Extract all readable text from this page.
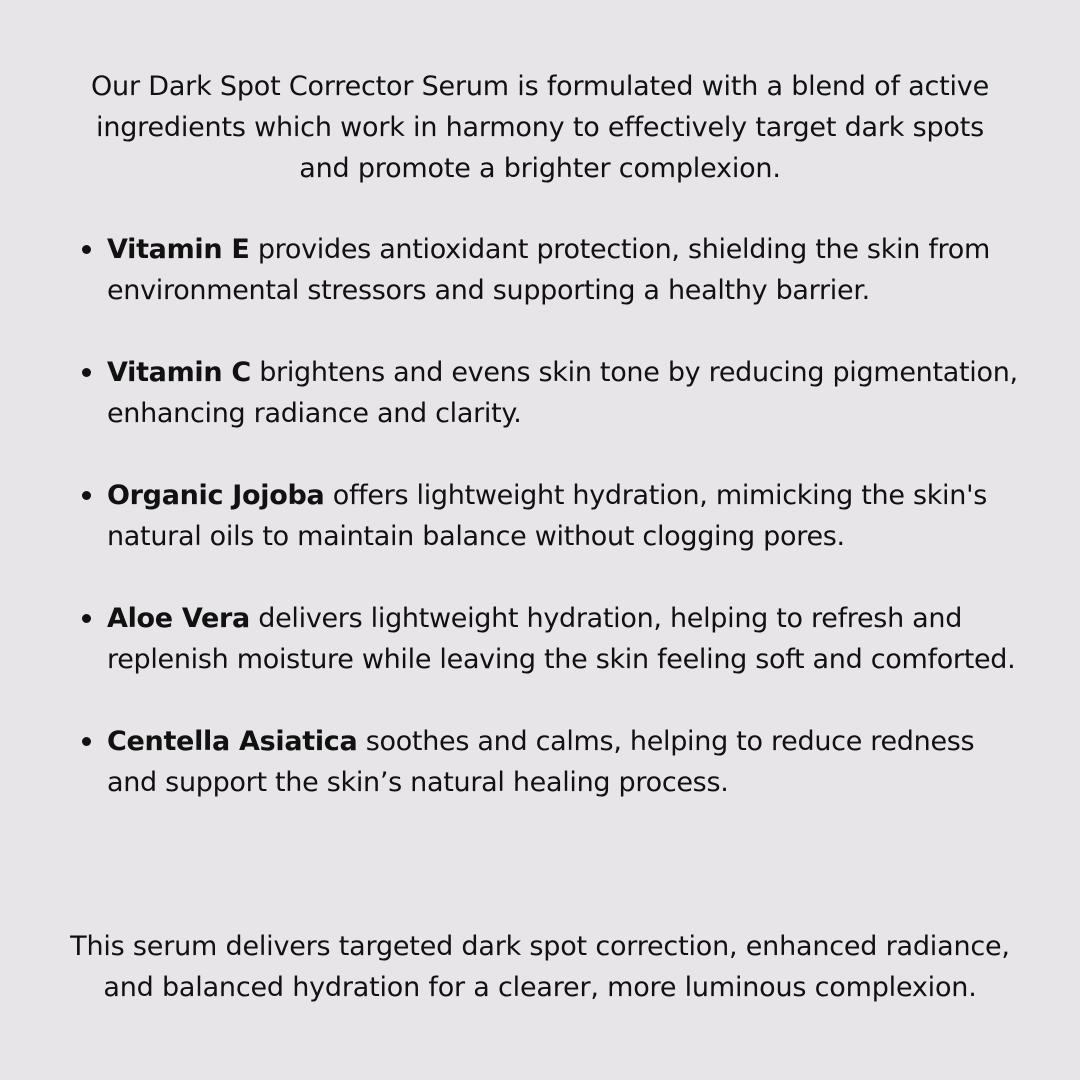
Our Dark Spot Corrector Serum is formulated with a blend of active ingredients which work in harmony to effectively target dark spots and promote a brighter complexion.

Vitamin E provides antioxidant protection, shielding the skin from environmental stressors and supporting a healthy barrier.
Vitamin C brightens and evens skin tone by reducing pigmentation, enhancing radiance and clarity.
Organic Jojoba offers lightweight hydration, mimicking the skin's natural oils to maintain balance without clogging pores.
Aloe Vera delivers lightweight hydration, helping to refresh and replenish moisture while leaving the skin feeling soft and comforted.
Centella Asiatica soothes and calms, helping to reduce redness and support the skin’s natural healing process.

This serum delivers targeted dark spot correction, enhanced radiance, and balanced hydration for a clearer, more luminous complexion.
